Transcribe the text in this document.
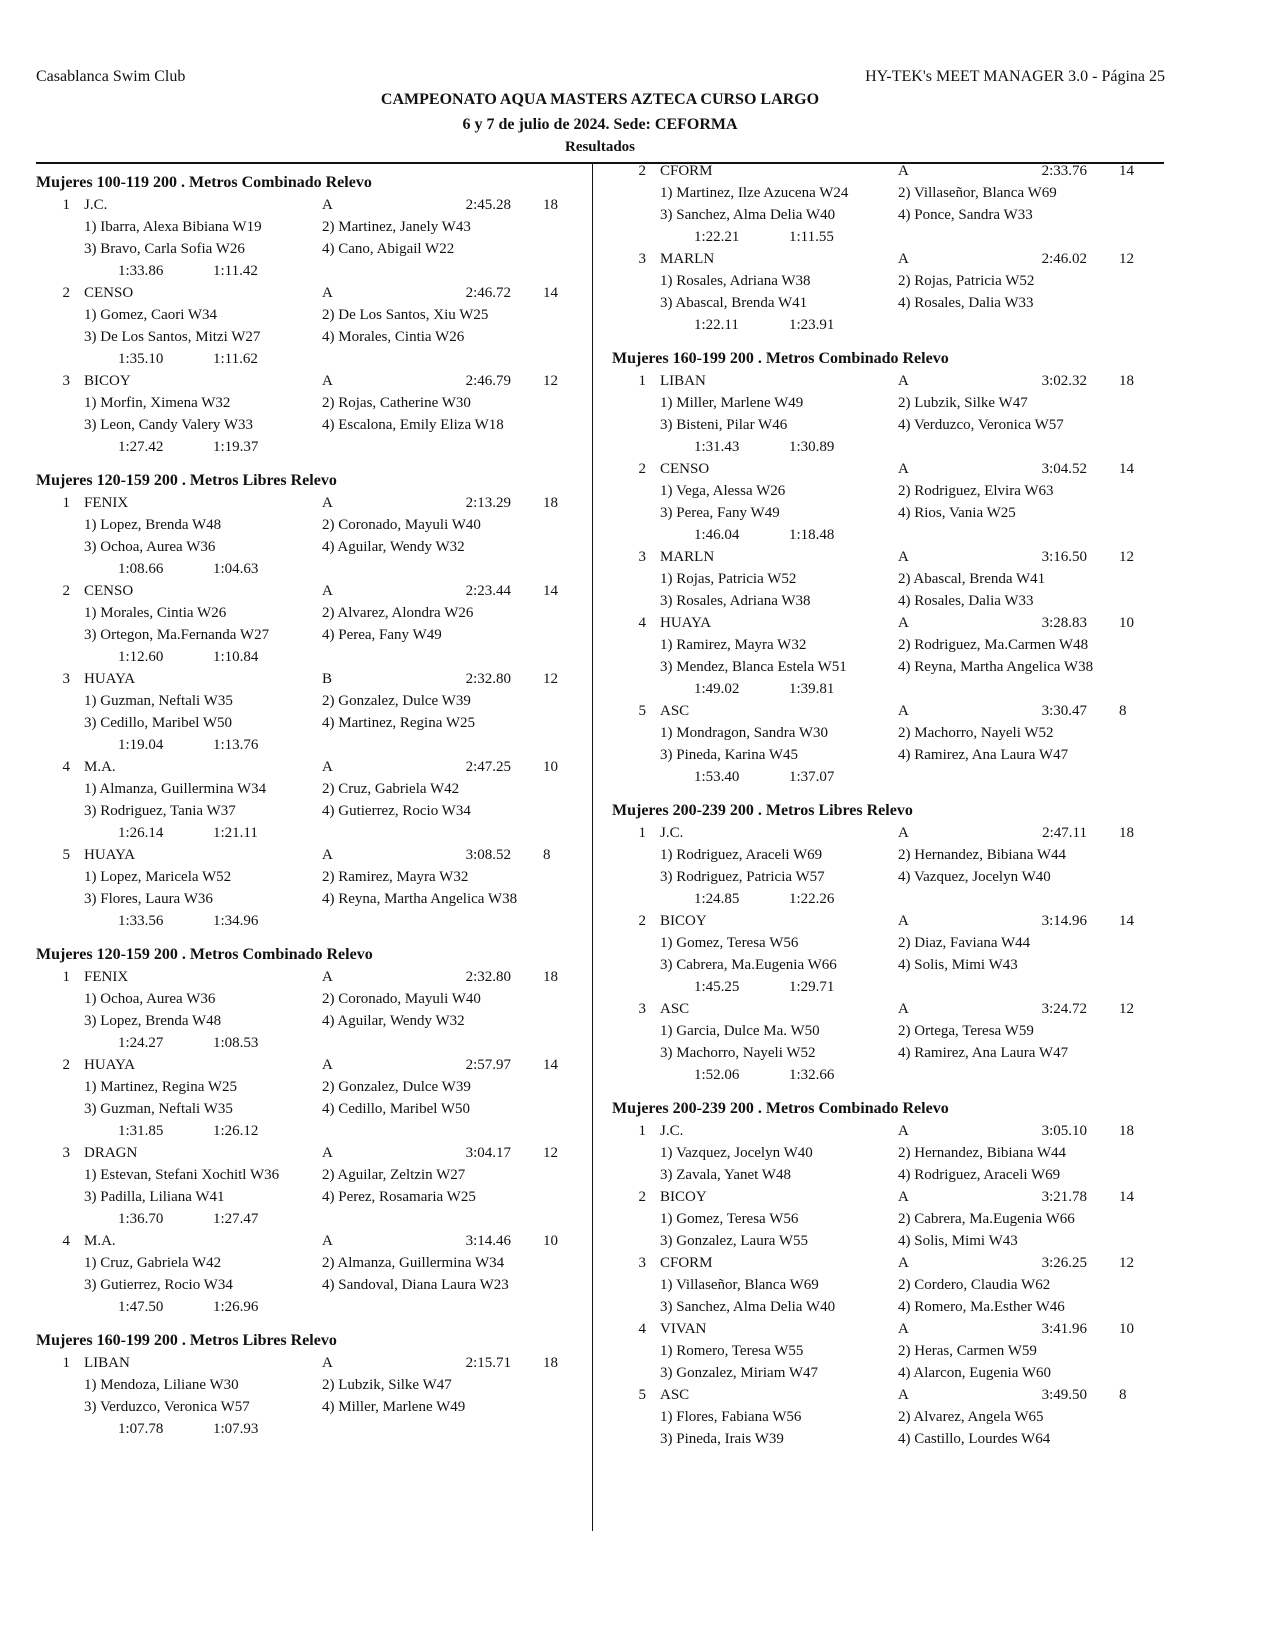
Casablanca Swim Club	HY-TEK's MEET MANAGER 3.0 - Página 25
CAMPEONATO AQUA MASTERS AZTECA CURSO LARGO
6 y 7 de julio de 2024. Sede: CEFORMA
Resultados
Mujeres 100-119 200 . Metros Combinado Relevo
1 J.C.	A	2:45.28 18
1) Ibarra, Alexa Bibiana W19	2) Martinez, Janely W43
3) Bravo, Carla Sofia W26	4) Cano, Abigail W22
1:33.86	1:11.42
2 CENSO	A	2:46.72 14
1) Gomez, Caori W34	2) De Los Santos, Xiu W25
3) De Los Santos, Mitzi W27	4) Morales, Cintia W26
1:35.10	1:11.62
3 BICOY	A	2:46.79 12
1) Morfin, Ximena W32	2) Rojas, Catherine W30
3) Leon, Candy Valery W33	4) Escalona, Emily Eliza W18
1:27.42	1:19.37
Mujeres 120-159 200 . Metros Libres Relevo
1 FENIX	A	2:13.29 18
1) Lopez, Brenda W48	2) Coronado, Mayuli W40
3) Ochoa, Aurea W36	4) Aguilar, Wendy W32
1:08.66	1:04.63
2 CENSO	A	2:23.44 14
1) Morales, Cintia W26	2) Alvarez, Alondra W26
3) Ortegon, Ma.Fernanda W27	4) Perea, Fany W49
1:12.60	1:10.84
3 HUAYA	B	2:32.80 12
1) Guzman, Neftali W35	2) Gonzalez, Dulce W39
3) Cedillo, Maribel W50	4) Martinez, Regina W25
1:19.04	1:13.76
4 M.A.	A	2:47.25 10
1) Almanza, Guillermina W34	2) Cruz, Gabriela W42
3) Rodriguez, Tania W37	4) Gutierrez, Rocio W34
1:26.14	1:21.11
5 HUAYA	A	3:08.52 8
1) Lopez, Maricela W52	2) Ramirez, Mayra W32
3) Flores, Laura W36	4) Reyna, Martha Angelica W38
1:33.56	1:34.96
Mujeres 120-159 200 . Metros Combinado Relevo
1 FENIX	A	2:32.80 18
1) Ochoa, Aurea W36	2) Coronado, Mayuli W40
3) Lopez, Brenda W48	4) Aguilar, Wendy W32
1:24.27	1:08.53
2 HUAYA	A	2:57.97 14
1) Martinez, Regina W25	2) Gonzalez, Dulce W39
3) Guzman, Neftali W35	4) Cedillo, Maribel W50
1:31.85	1:26.12
3 DRAGN	A	3:04.17 12
1) Estevan, Stefani Xochitl W36	2) Aguilar, Zeltzin W27
3) Padilla, Liliana W41	4) Perez, Rosamaria W25
1:36.70	1:27.47
4 M.A.	A	3:14.46 10
1) Cruz, Gabriela W42	2) Almanza, Guillermina W34
3) Gutierrez, Rocio W34	4) Sandoval, Diana Laura W23
1:47.50	1:26.96
Mujeres 160-199 200 . Metros Libres Relevo
1 LIBAN	A	2:15.71 18
1) Mendoza, Liliane W30	2) Lubzik, Silke W47
3) Verduzco, Veronica W57	4) Miller, Marlene W49
1:07.78	1:07.93
2 CFORM	A	2:33.76 14
1) Martinez, Ilze Azucena W24	2) Villaseñor, Blanca W69
3) Sanchez, Alma Delia W40	4) Ponce, Sandra W33
1:22.21	1:11.55
3 MARLN	A	2:46.02 12
1) Rosales, Adriana W38	2) Rojas, Patricia W52
3) Abascal, Brenda W41	4) Rosales, Dalia W33
1:22.11	1:23.91
Mujeres 160-199 200 . Metros Combinado Relevo
1 LIBAN	A	3:02.32 18
1) Miller, Marlene W49	2) Lubzik, Silke W47
3) Bisteni, Pilar W46	4) Verduzco, Veronica W57
1:31.43	1:30.89
2 CENSO	A	3:04.52 14
1) Vega, Alessa W26	2) Rodriguez, Elvira W63
3) Perea, Fany W49	4) Rios, Vania W25
1:46.04	1:18.48
3 MARLN	A	3:16.50 12
1) Rojas, Patricia W52	2) Abascal, Brenda W41
3) Rosales, Adriana W38	4) Rosales, Dalia W33
4 HUAYA	A	3:28.83 10
1) Ramirez, Mayra W32	2) Rodriguez, Ma.Carmen W48
3) Mendez, Blanca Estela W51	4) Reyna, Martha Angelica W38
1:49.02	1:39.81
5 ASC	A	3:30.47 8
1) Mondragon, Sandra W30	2) Machorro, Nayeli W52
3) Pineda, Karina W45	4) Ramirez, Ana Laura W47
1:53.40	1:37.07
Mujeres 200-239 200 . Metros Libres Relevo
1 J.C.	A	2:47.11 18
1) Rodriguez, Araceli W69	2) Hernandez, Bibiana W44
3) Rodriguez, Patricia W57	4) Vazquez, Jocelyn W40
1:24.85	1:22.26
2 BICOY	A	3:14.96 14
1) Gomez, Teresa W56	2) Diaz, Faviana W44
3) Cabrera, Ma.Eugenia W66	4) Solis, Mimi W43
1:45.25	1:29.71
3 ASC	A	3:24.72 12
1) Garcia, Dulce Ma. W50	2) Ortega, Teresa W59
3) Machorro, Nayeli W52	4) Ramirez, Ana Laura W47
1:52.06	1:32.66
Mujeres 200-239 200 . Metros Combinado Relevo
1 J.C.	A	3:05.10 18
1) Vazquez, Jocelyn W40	2) Hernandez, Bibiana W44
3) Zavala, Yanet W48	4) Rodriguez, Araceli W69
2 BICOY	A	3:21.78 14
1) Gomez, Teresa W56	2) Cabrera, Ma.Eugenia W66
3) Gonzalez, Laura W55	4) Solis, Mimi W43
3 CFORM	A	3:26.25 12
1) Villaseñor, Blanca W69	2) Cordero, Claudia W62
3) Sanchez, Alma Delia W40	4) Romero, Ma.Esther W46
4 VIVAN	A	3:41.96 10
1) Romero, Teresa W55	2) Heras, Carmen W59
3) Gonzalez, Miriam W47	4) Alarcon, Eugenia W60
5 ASC	A	3:49.50 8
1) Flores, Fabiana W56	2) Alvarez, Angela W65
3) Pineda, Irais W39	4) Castillo, Lourdes W64
